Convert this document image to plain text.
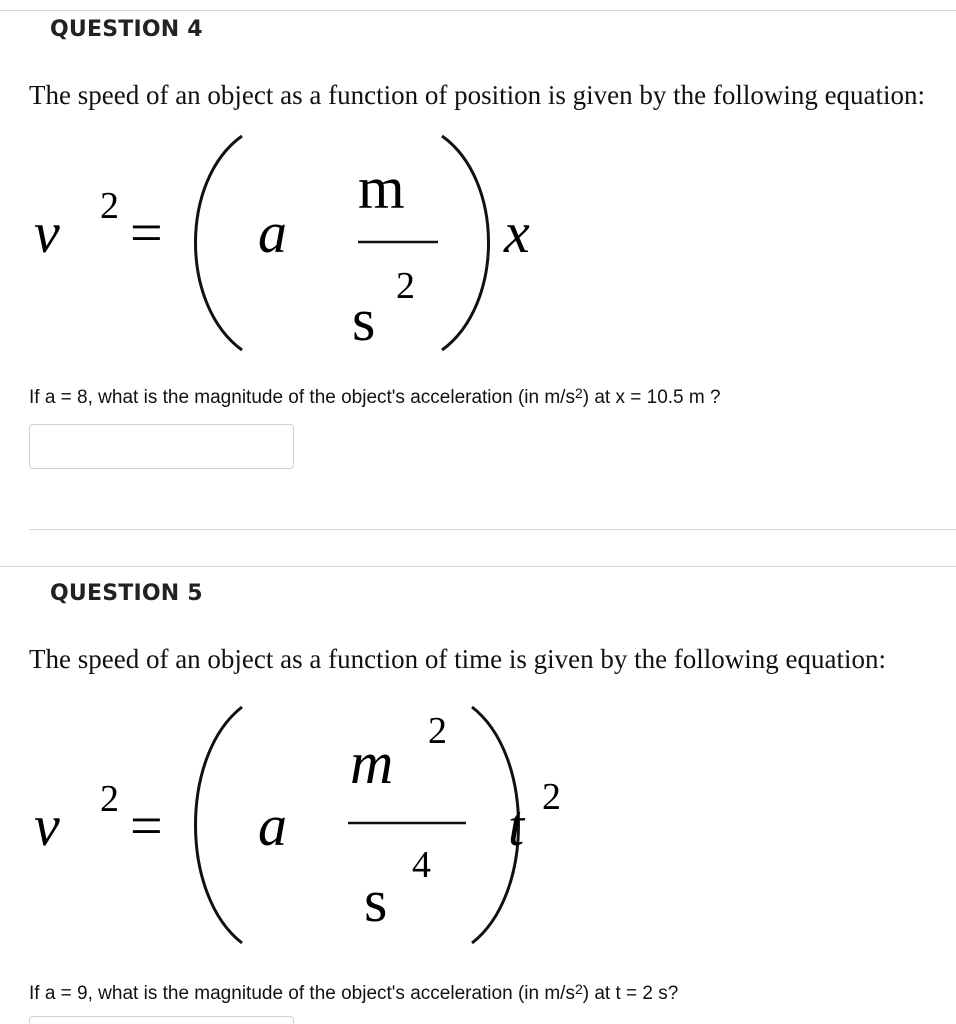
QUESTION 4
The speed of an object as a function of position is given by the following equation:
v 2 = a
m
s
2
x
If a = 8, what is the magnitude of the object's acceleration (in $m/s^2$) at x = 10.5 m ?
QUESTION 5
The speed of an object as a function of time is given by the following equation:
v 2 = a
m 2
s
4
t 2
If a = 9, what is the magnitude of the object's acceleration (in $m/s^2$) at t = 2 s?
